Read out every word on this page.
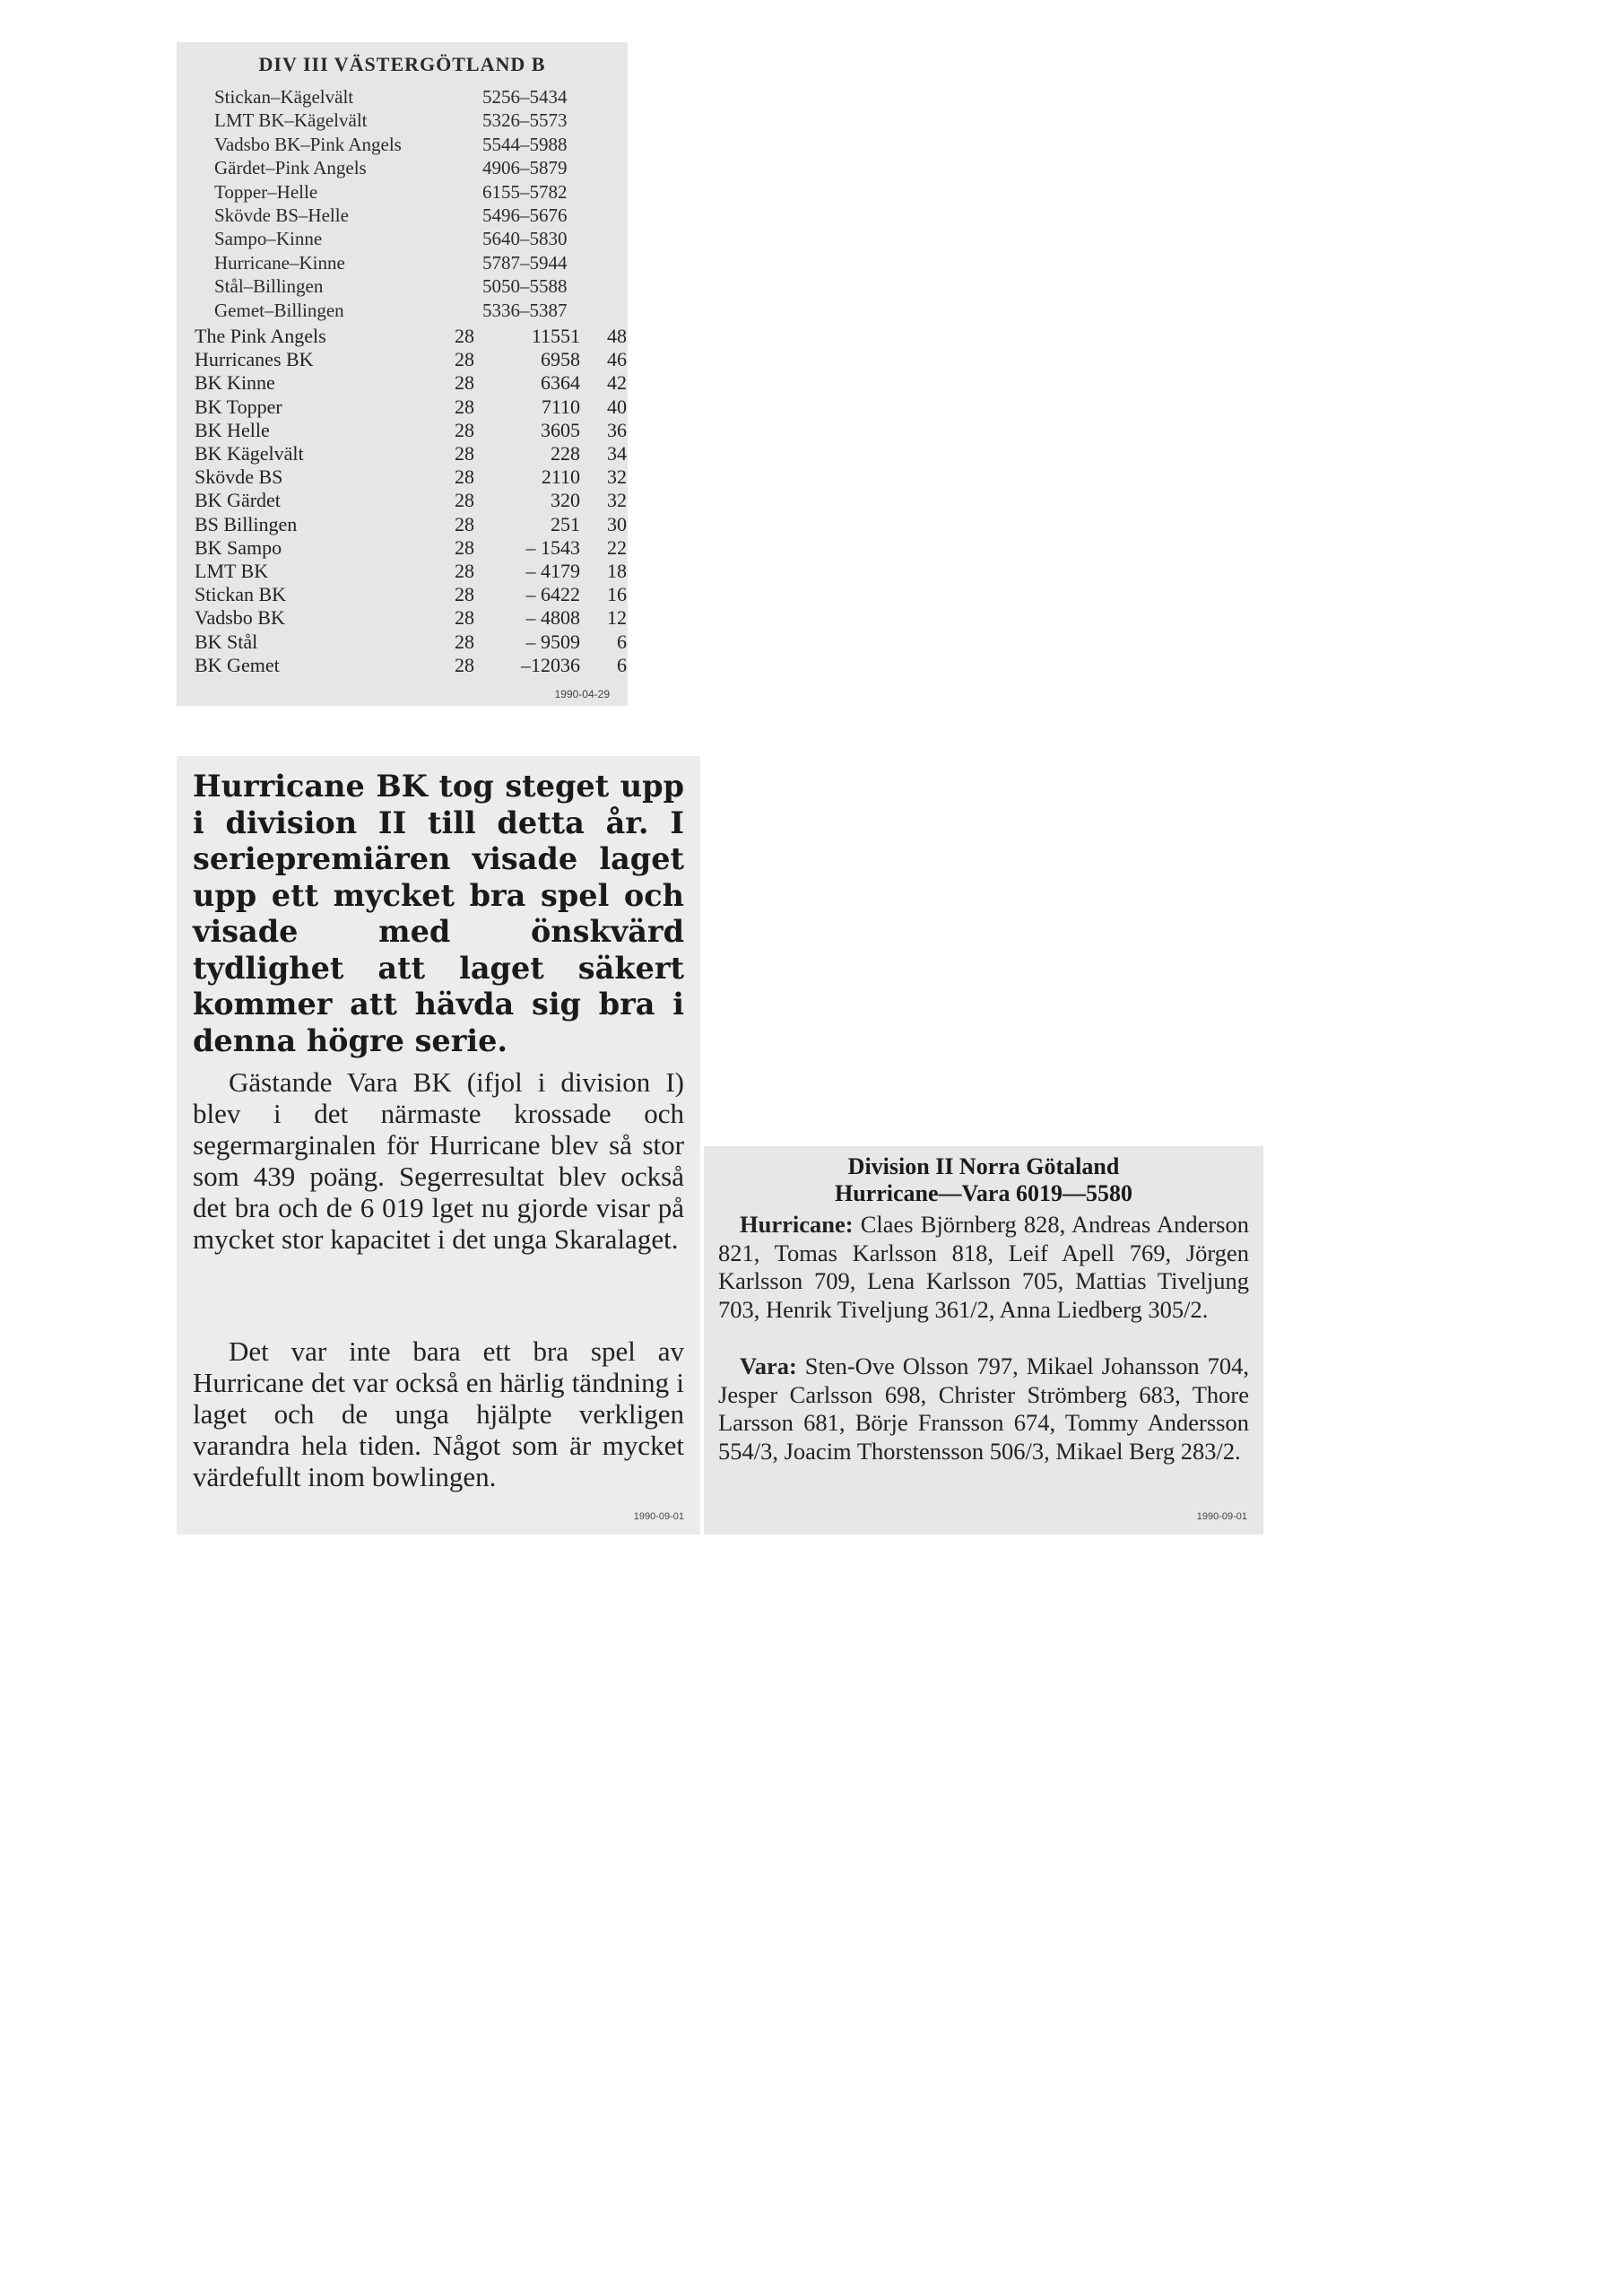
DIV III VÄSTERGÖTLAND B
Stickan–Kägelvält	5256–5434
LMT BK–Kägelvält	5326–5573
Vadsbo BK–Pink Angels	5544–5988
Gärdet–Pink Angels	4906–5879
Topper–Helle	6155–5782
Skövde BS–Helle	5496–5676
Sampo–Kinne	5640–5830
Hurricane–Kinne	5787–5944
Stål–Billingen	5050–5588
Gemet–Billingen	5336–5387
The Pink Angels	28	11551	48
Hurricanes BK	28	6958	46
BK Kinne	28	6364	42
BK Topper	28	7110	40
BK Helle	28	3605	36
BK Kägelvält	28	228	34
Skövde BS	28	2110	32
BK Gärdet	28	320	32
BS Billingen	28	251	30
BK Sampo	28	– 1543	22
LMT BK	28	– 4179	18
Stickan BK	28	– 6422	16
Vadsbo BK	28	– 4808	12
BK Stål	28	– 9509	6
BK Gemet	28	–12036	6
1990-04-29
Hurricane BK tog steget upp i division II till detta år. I seriepremiären visade laget upp ett mycket bra spel och visade med önskvärd tydlighet att laget säkert kommer att hävda sig bra i denna högre serie.
Gästande Vara BK (ifjol i division I) blev i det närmaste krossade och segermarginalen för Hurricane blev så stor som 439 poäng. Segerresultat blev också det bra och de 6 019 lget nu gjorde visar på mycket stor kapacitet i det unga Skaralaget.
Det var inte bara ett bra spel av Hurricane det var också en härlig tändning i laget och de unga hjälpte verkligen varandra hela tiden. Något som är mycket värdefullt inom bowlingen.
1990-09-01
Division II Norra Götaland
Hurricane—Vara 6019—5580
Hurricane: Claes Björnberg 828, Andreas Anderson 821, Tomas Karlsson 818, Leif Apell 769, Jörgen Karlsson 709, Lena Karlsson 705, Mattias Tiveljung 703, Henrik Tiveljung 361/2, Anna Liedberg 305/2.
Vara: Sten-Ove Olsson 797, Mikael Johansson 704, Jesper Carlsson 698, Christer Strömberg 683, Thore Larsson 681, Börje Fransson 674, Tommy Andersson 554/3, Joacim Thorstensson 506/3, Mikael Berg 283/2.
1990-09-01
